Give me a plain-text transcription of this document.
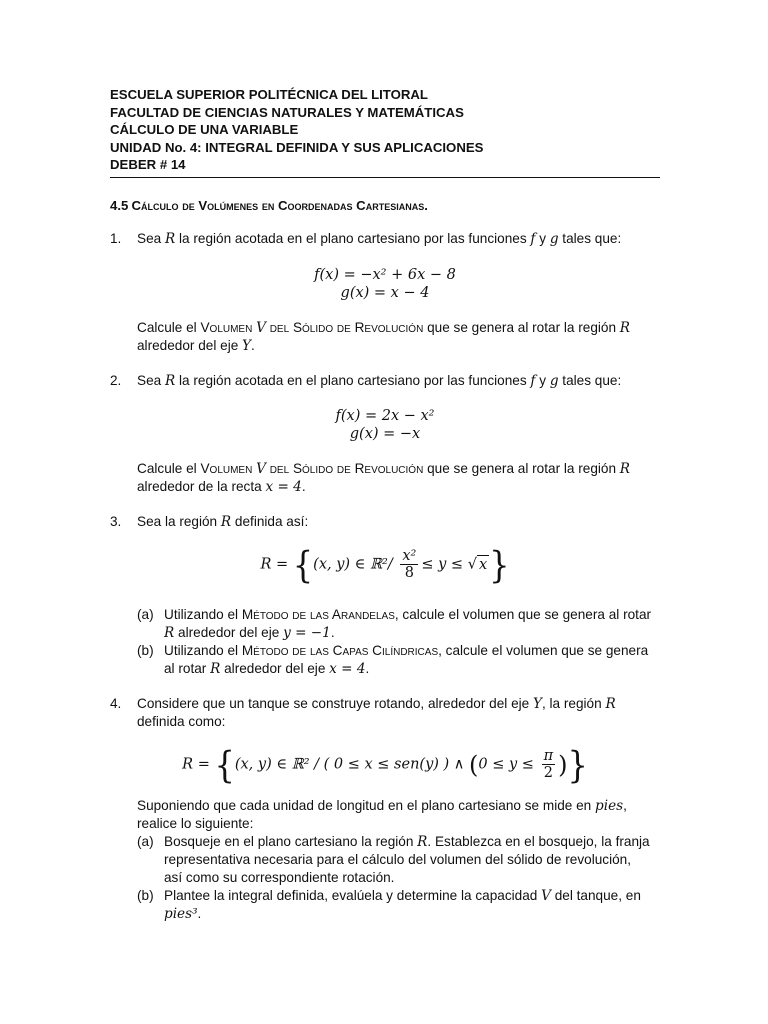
ESCUELA SUPERIOR POLITÉCNICA DEL LITORAL
FACULTAD DE CIENCIAS NATURALES Y MATEMÁTICAS
CÁLCULO DE UNA VARIABLE
UNIDAD No. 4: INTEGRAL DEFINIDA Y SUS APLICACIONES
DEBER # 14
4.5 Cálculo de Volúmenes en Coordenadas Cartesianas.
1. Sea R la región acotada en el plano cartesiano por las funciones f y g tales que:
f(x) = −x² + 6x − 8
g(x) = x − 4
Calcule el Volumen V del Sólido de Revolución que se genera al rotar la región R
alrededor del eje Y.
2. Sea R la región acotada en el plano cartesiano por las funciones f y g tales que:
f(x) = 2x − x²
g(x) = −x
Calcule el Volumen V del Sólido de Revolución que se genera al rotar la región R
alrededor de la recta x = 4.
3. Sea la región R definida así:
R = {(x, y) ∈ ℝ²/ $\frac{\text{x²}}{8} \le y$ ≤ √ x}
(a) Utilizando el Método de las Arandelas, calcule el volumen que se genera al rotar
R alrededor del eje y = −1.
(b) Utilizando el Método de las Capas Cilíndricas, calcule el volumen que se genera
al rotar R alrededor del eje x = 4.
4. Considere que un tanque se construye rotando, alrededor del eje Y, la región R
definida como:
R = {(x, y) ∈ ℝ² / ( 0 ≤ x ≤ sen(y) ) ∧ ($0 \le y \le \frac{\pi}{2}$ )}
Suponiendo que cada unidad de longitud en el plano cartesiano se mide en pies,
realice lo siguiente:
(a) Bosqueje en el plano cartesiano la región R. Establezca en el bosquejo, la franja
representativa necesaria para el cálculo del volumen del sólido de revolución,
así como su correspondiente rotación.
(b) Plantee la integral definida, evalúela y determine la capacidad V del tanque, en
pies³.
